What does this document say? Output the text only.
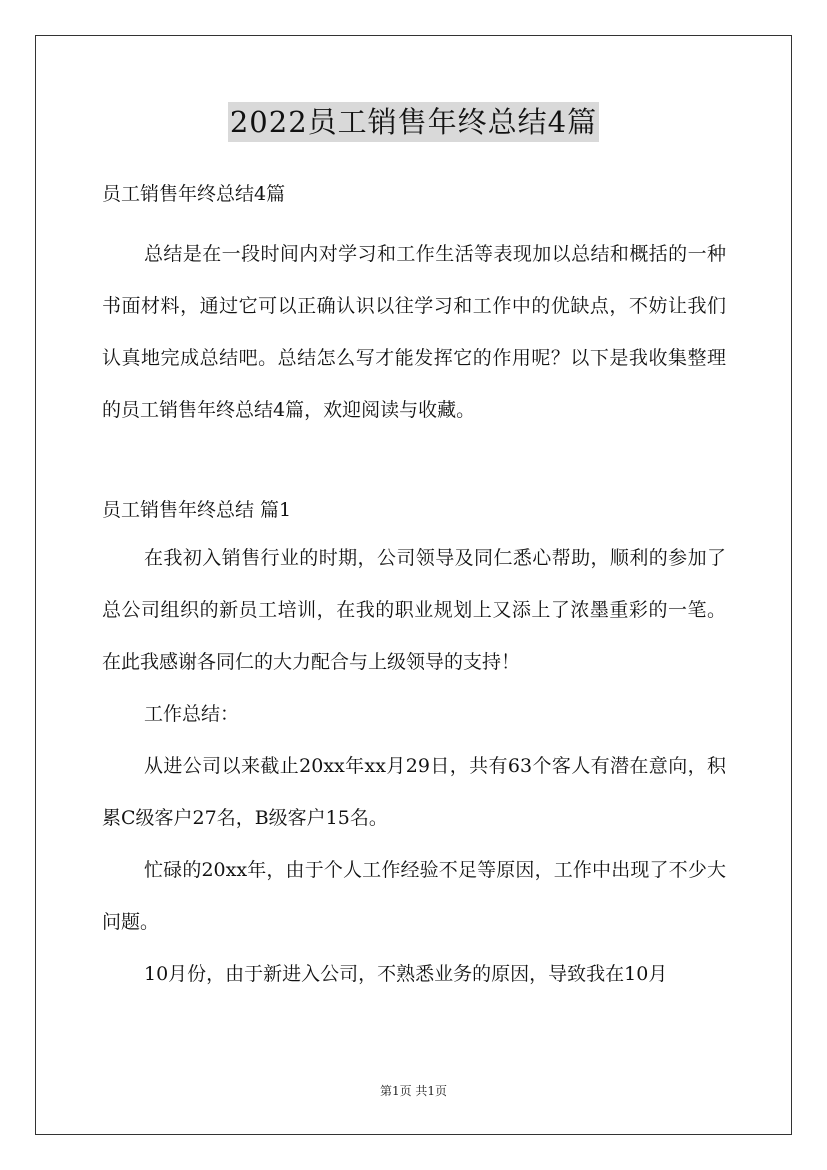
2022员工销售年终总结4篇

员工销售年终总结4篇

总结是在一段时间内对学习和工作生活等表现加以总结和概括的一种书面材料，通过它可以正确认识以往学习和工作中的优缺点，不妨让我们认真地完成总结吧。总结怎么写才能发挥它的作用呢？以下是我收集整理的员工销售年终总结4篇，欢迎阅读与收藏。

员工销售年终总结 篇1

在我初入销售行业的时期，公司领导及同仁悉心帮助，顺利的参加了总公司组织的新员工培训，在我的职业规划上又添上了浓墨重彩的一笔。在此我感谢各同仁的大力配合与上级领导的支持！

工作总结：

从进公司以来截止20xx年xx月29日，共有63个客人有潜在意向，积累C级客户27名，B级客户15名。

忙碌的20xx年，由于个人工作经验不足等原因，工作中出现了不少大问题。

10月份，由于新进入公司，不熟悉业务的原因，导致我在10月

第1页 共1页
